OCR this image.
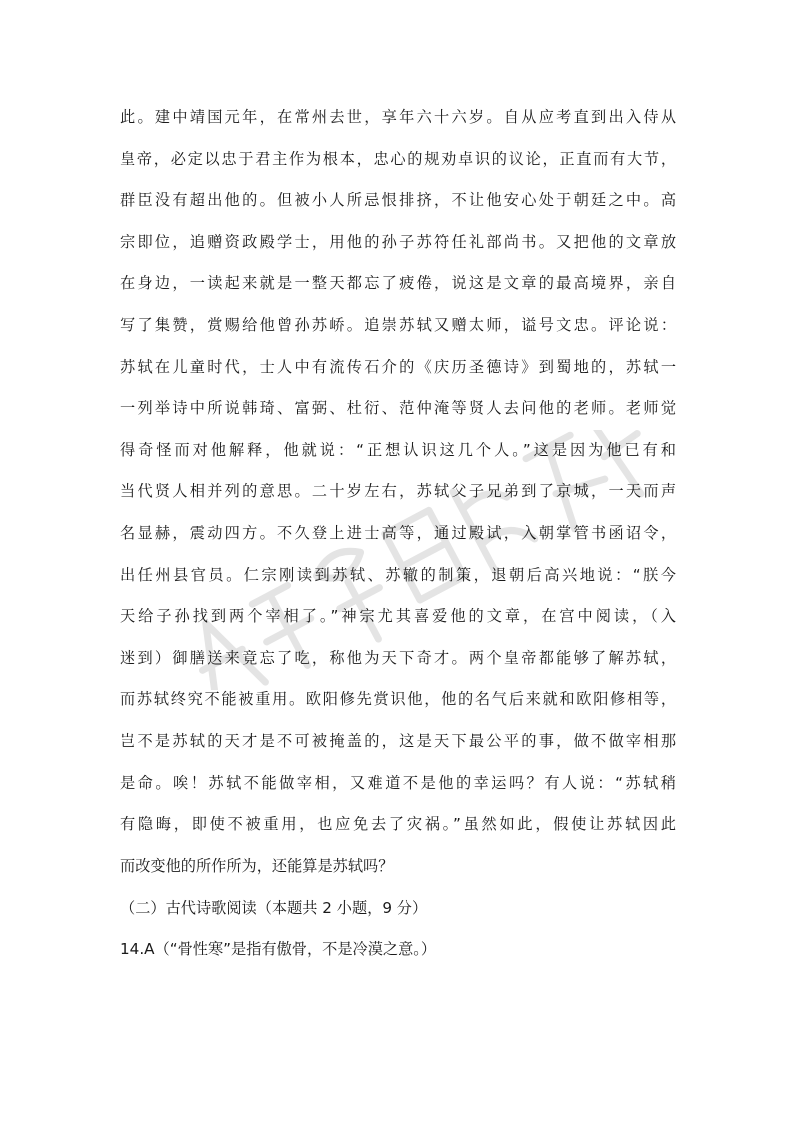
此。建中靖国元年，在常州去世，享年六十六岁。自从应考直到出入侍从
皇帝，必定以忠于君主作为根本，忠心的规劝卓识的议论，正直而有大节，
群臣没有超出他的。但被小人所忌恨排挤，不让他安心处于朝廷之中。高
宗即位，追赠资政殿学士，用他的孙子苏符任礼部尚书。又把他的文章放
在身边，一读起来就是一整天都忘了疲倦，说这是文章的最高境界，亲自
写了集赞，赏赐给他曾孙苏峤。追崇苏轼又赠太师，谥号文忠。评论说：
苏轼在儿童时代，士人中有流传石介的《庆历圣德诗》到蜀地的，苏轼一
一列举诗中所说韩琦、富弼、杜衍、范仲淹等贤人去问他的老师。老师觉
得奇怪而对他解释，他就说：“正想认识这几个人。”这是因为他已有和
当代贤人相并列的意思。二十岁左右，苏轼父子兄弟到了京城，一天而声
名显赫，震动四方。不久登上进士高等，通过殿试，入朝掌管书函诏令，
出任州县官员。仁宗刚读到苏轼、苏辙的制策，退朝后高兴地说：“朕今
天给子孙找到两个宰相了。”神宗尤其喜爱他的文章，在宫中阅读，（入
迷到）御膳送来竟忘了吃，称他为天下奇才。两个皇帝都能够了解苏轼，
而苏轼终究不能被重用。欧阳修先赏识他，他的名气后来就和欧阳修相等，
岂不是苏轼的天才是不可被掩盖的，这是天下最公平的事，做不做宰相那
是命。唉！苏轼不能做宰相，又难道不是他的幸运吗？有人说：“苏轼稍
有隐晦，即使不被重用，也应免去了灾祸。”虽然如此，假使让苏轼因此
而改变他的所作所为，还能算是苏轼吗？
（二）古代诗歌阅读（本题共 2 小题，9 分）
14.A（“骨性寒”是指有傲骨，不是冷漠之意。）
